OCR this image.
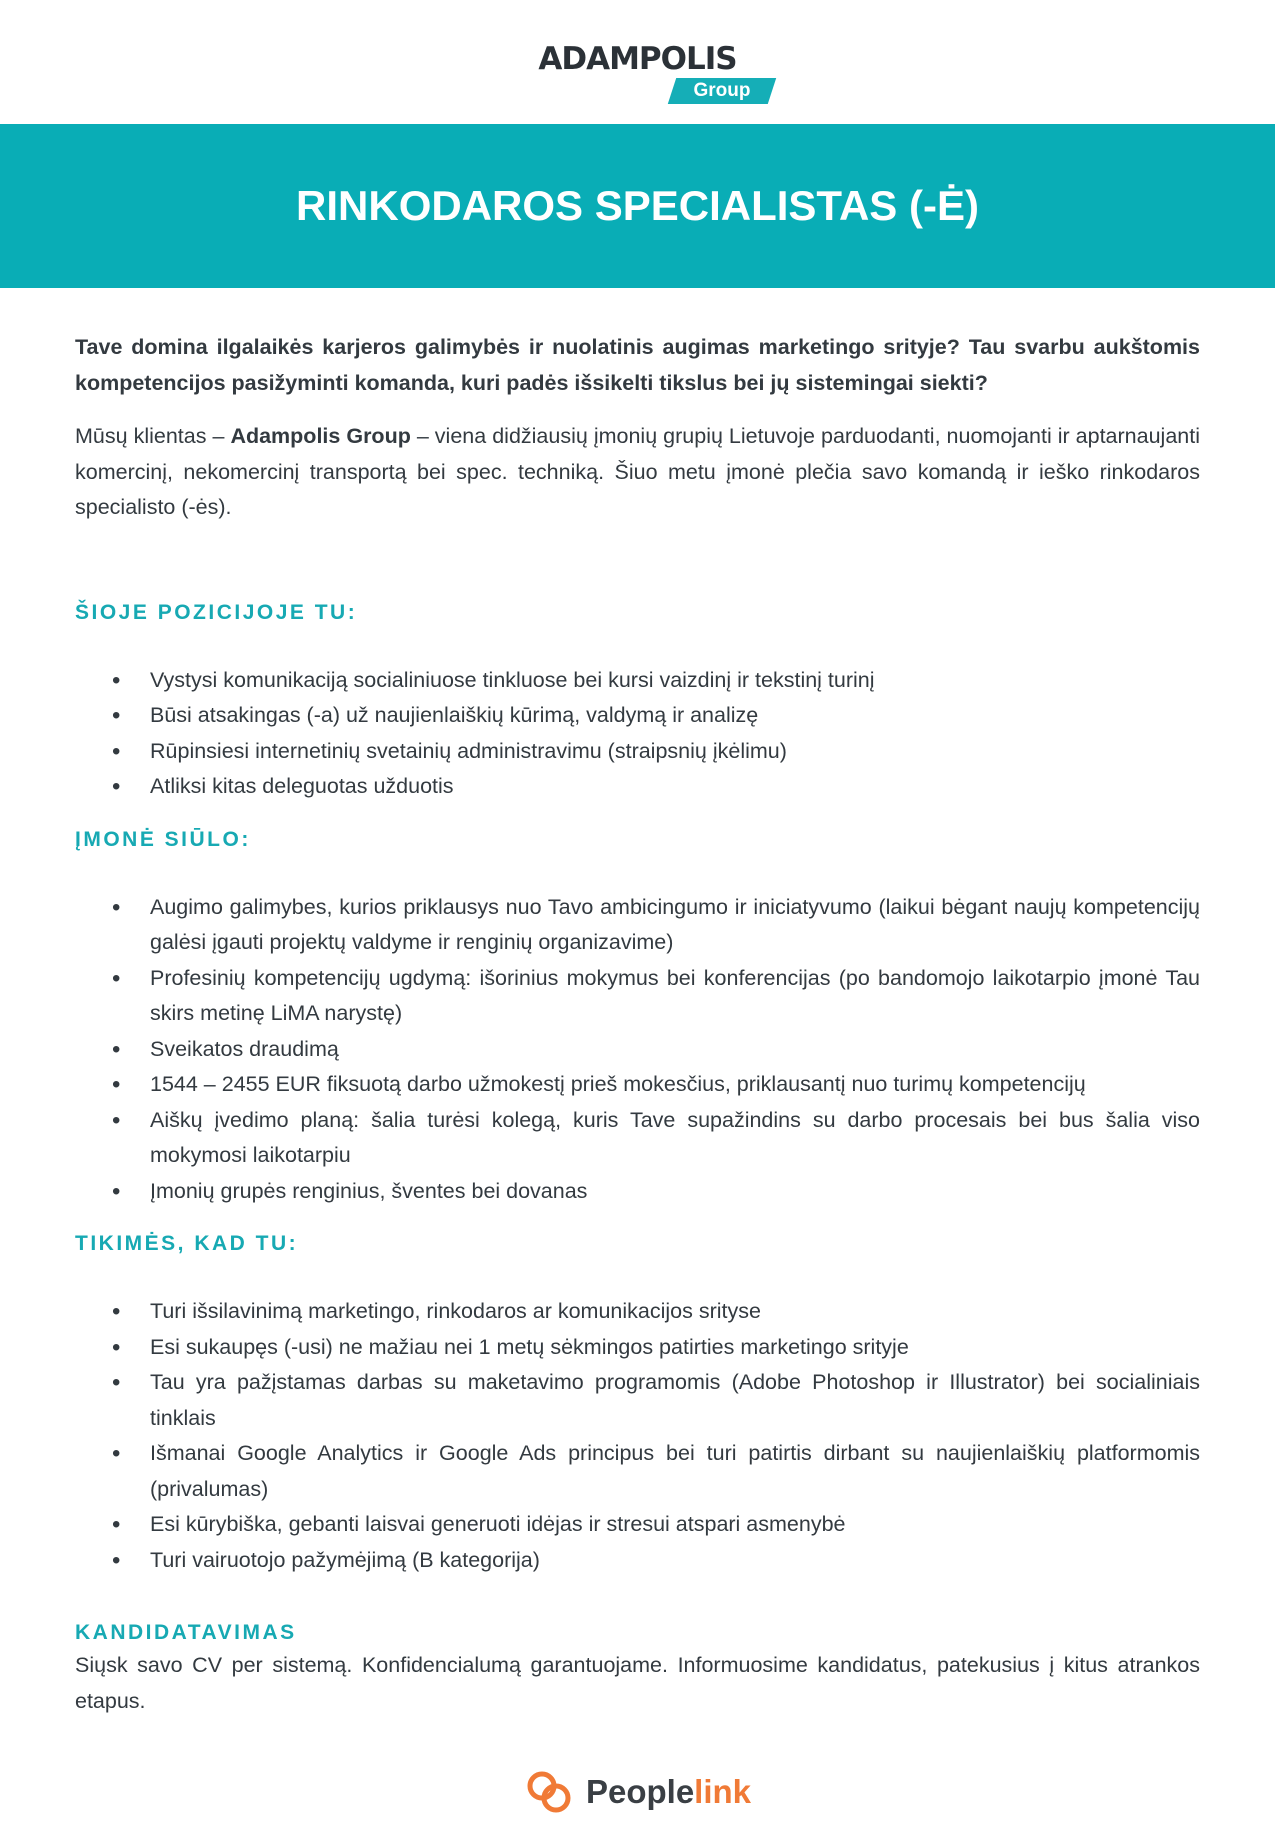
ADAMPOLIS
Group
RINKODAROS SPECIALISTAS (-Ė)

Tave domina ilgalaikės karjeros galimybės ir nuolatinis augimas marketingo srityje? Tau svarbu aukštomis kompetencijos pasižyminti komanda, kuri padės išsikelti tikslus bei jų sistemingai siekti?

Mūsų klientas – Adampolis Group – viena didžiausių įmonių grupių Lietuvoje parduodanti, nuomojanti ir aptarnaujanti komercinį, nekomercinį transportą bei spec. techniką. Šiuo metu įmonė plečia savo komandą ir ieško rinkodaros specialisto (-ės).

ŠIOJE POZICIJOJE TU:
• Vystysi komunikaciją socialiniuose tinkluose bei kursi vaizdinį ir tekstinį turinį
• Būsi atsakingas (-a) už naujienlaiškių kūrimą, valdymą ir analizę
• Rūpinsiesi internetinių svetainių administravimu (straipsnių įkėlimu)
• Atliksi kitas deleguotas užduotis
ĮMONĖ SIŪLO:
• Augimo galimybes, kurios priklausys nuo Tavo ambicingumo ir iniciatyvumo (laikui bėgant naujų kompetencijų galėsi įgauti projektų valdyme ir renginių organizavime)
• Profesinių kompetencijų ugdymą: išorinius mokymus bei konferencijas (po bandomojo laikotarpio įmonė Tau skirs metinę LiMA narystę)
• Sveikatos draudimą
• 1544 – 2455 EUR fiksuotą darbo užmokestį prieš mokesčius, priklausantį nuo turimų kompetencijų
• Aiškų įvedimo planą: šalia turėsi kolegą, kuris Tave supažindins su darbo procesais bei bus šalia viso mokymosi laikotarpiu
• Įmonių grupės renginius, šventes bei dovanas
TIKIMĖS, KAD TU:
• Turi išsilavinimą marketingo, rinkodaros ar komunikacijos srityse
• Esi sukaupęs (-usi) ne mažiau nei 1 metų sėkmingos patirties marketingo srityje
• Tau yra pažįstamas darbas su maketavimo programomis (Adobe Photoshop ir Illustrator) bei socialiniais tinklais
• Išmanai Google Analytics ir Google Ads principus bei turi patirtis dirbant su naujienlaiškių platformomis (privalumas)
• Esi kūrybiška, gebanti laisvai generuoti idėjas ir stresui atspari asmenybė
• Turi vairuotojo pažymėjimą (B kategorija)
KANDIDATAVIMAS

Siųsk savo CV per sistemą. Konfidencialumą garantuojame. Informuosime kandidatus, patekusius į kitus atrankos etapus.

Peoplelink
